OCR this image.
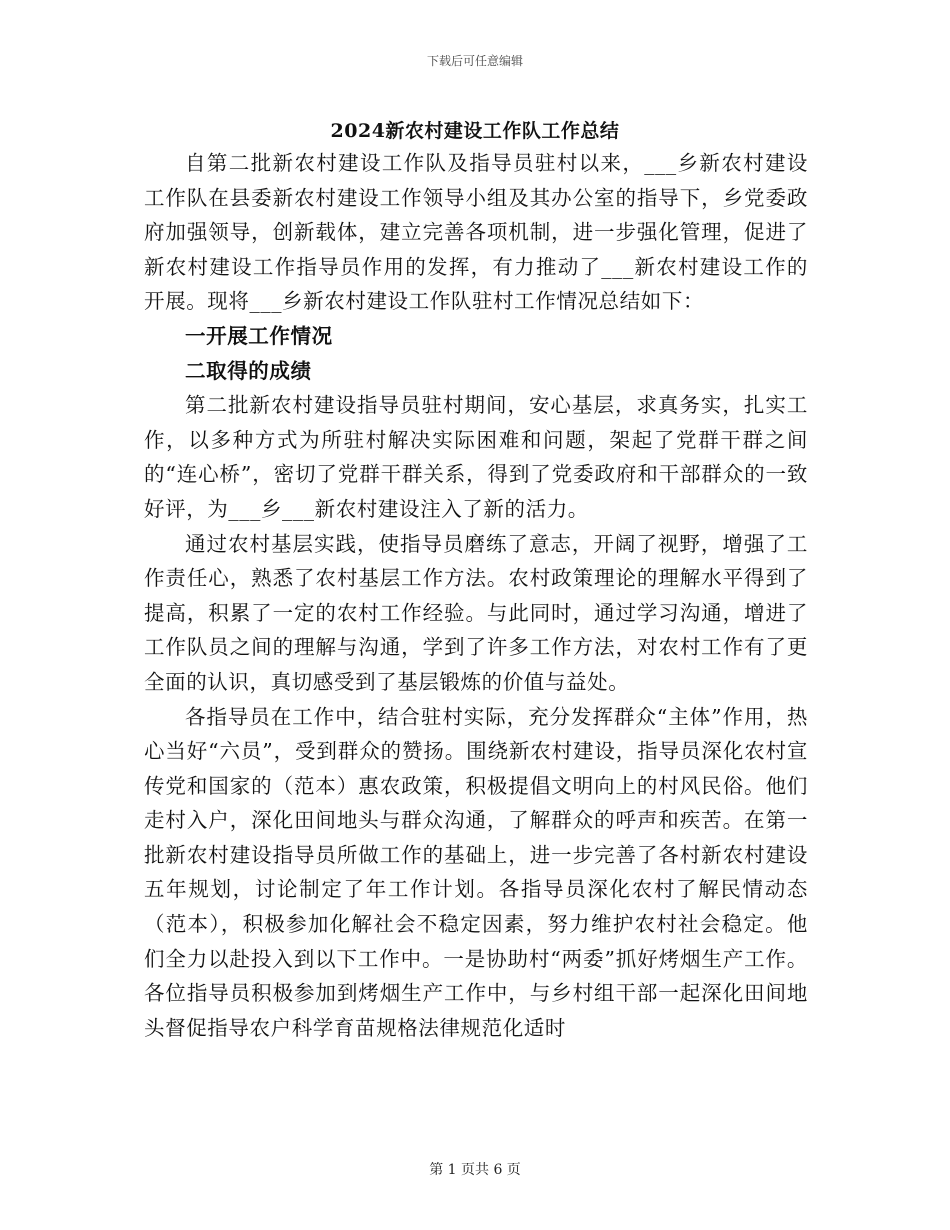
下载后可任意编辑
2024新农村建设工作队工作总结

自第二批新农村建设工作队及指导员驻村以来，___乡新农村建设工作队在县委新农村建设工作领导小组及其办公室的指导下，乡党委政府加强领导，创新载体，建立完善各项机制，进一步强化管理，促进了新农村建设工作指导员作用的发挥，有力推动了___新农村建设工作的开展。现将___乡新农村建设工作队驻村工作情况总结如下：

一开展工作情况

二取得的成绩

第二批新农村建设指导员驻村期间，安心基层，求真务实，扎实工作，以多种方式为所驻村解决实际困难和问题，架起了党群干群之间的“连心桥”，密切了党群干群关系，得到了党委政府和干部群众的一致好评，为___乡___新农村建设注入了新的活力。

通过农村基层实践，使指导员磨练了意志，开阔了视野，增强了工作责任心，熟悉了农村基层工作方法。农村政策理论的理解水平得到了提高，积累了一定的农村工作经验。与此同时，通过学习沟通，增进了工作队员之间的理解与沟通，学到了许多工作方法，对农村工作有了更全面的认识，真切感受到了基层锻炼的价值与益处。

各指导员在工作中，结合驻村实际，充分发挥群众“主体”作用，热心当好“六员”，受到群众的赞扬。围绕新农村建设，指导员深化农村宣传党和国家的（范本）惠农政策，积极提倡文明向上的村风民俗。他们走村入户，深化田间地头与群众沟通，了解群众的呼声和疾苦。在第一批新农村建设指导员所做工作的基础上，进一步完善了各村新农村建设五年规划，讨论制定了年工作计划。各指导员深化农村了解民情动态（范本），积极参加化解社会不稳定因素，努力维护农村社会稳定。他们全力以赴投入到以下工作中。一是协助村“两委”抓好烤烟生产工作。各位指导员积极参加到烤烟生产工作中，与乡村组干部一起深化田间地头督促指导农户科学育苗规格法律规范化适时

第 1 页共 6 页
